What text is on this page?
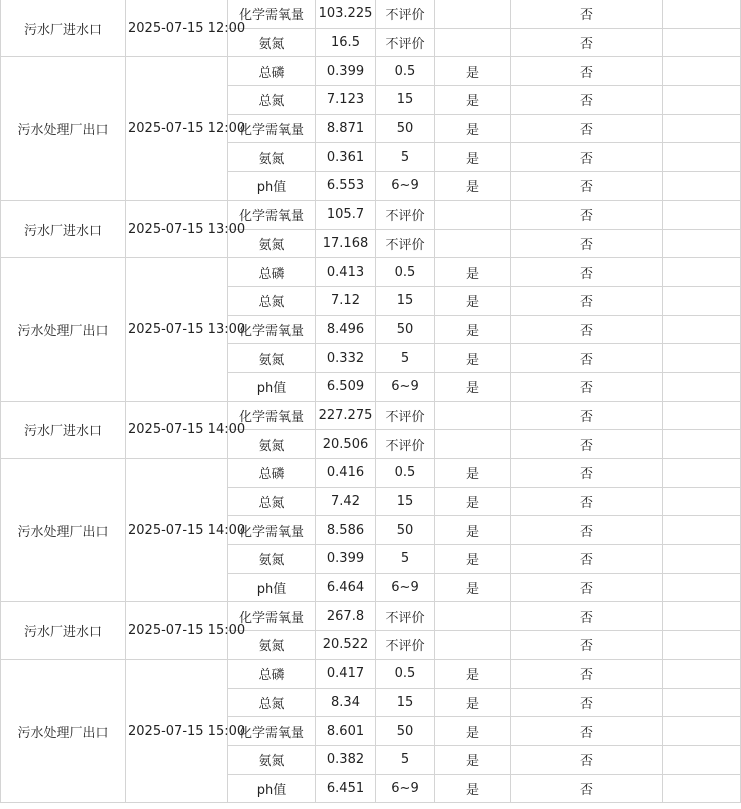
污水厂进水口	2025-07-15 12:00	化学需氧量	103.225	不评价		否	
		氨氮	16.5	不评价		否	
污水处理厂出口	2025-07-15 12:00	总磷	0.399	0.5	是	否	
		总氮	7.123	15	是	否	
		化学需氧量	8.871	50	是	否	
		氨氮	0.361	5	是	否	
		ph值	6.553	6~9	是	否	
污水厂进水口	2025-07-15 13:00	化学需氧量	105.7	不评价		否	
		氨氮	17.168	不评价		否	
污水处理厂出口	2025-07-15 13:00	总磷	0.413	0.5	是	否	
		总氮	7.12	15	是	否	
		化学需氧量	8.496	50	是	否	
		氨氮	0.332	5	是	否	
		ph值	6.509	6~9	是	否	
污水厂进水口	2025-07-15 14:00	化学需氧量	227.275	不评价		否	
		氨氮	20.506	不评价		否	
污水处理厂出口	2025-07-15 14:00	总磷	0.416	0.5	是	否	
		总氮	7.42	15	是	否	
		化学需氧量	8.586	50	是	否	
		氨氮	0.399	5	是	否	
		ph值	6.464	6~9	是	否	
污水厂进水口	2025-07-15 15:00	化学需氧量	267.8	不评价		否	
		氨氮	20.522	不评价		否	
污水处理厂出口	2025-07-15 15:00	总磷	0.417	0.5	是	否	
		总氮	8.34	15	是	否	
		化学需氧量	8.601	50	是	否	
		氨氮	0.382	5	是	否	
		ph值	6.451	6~9	是	否	
